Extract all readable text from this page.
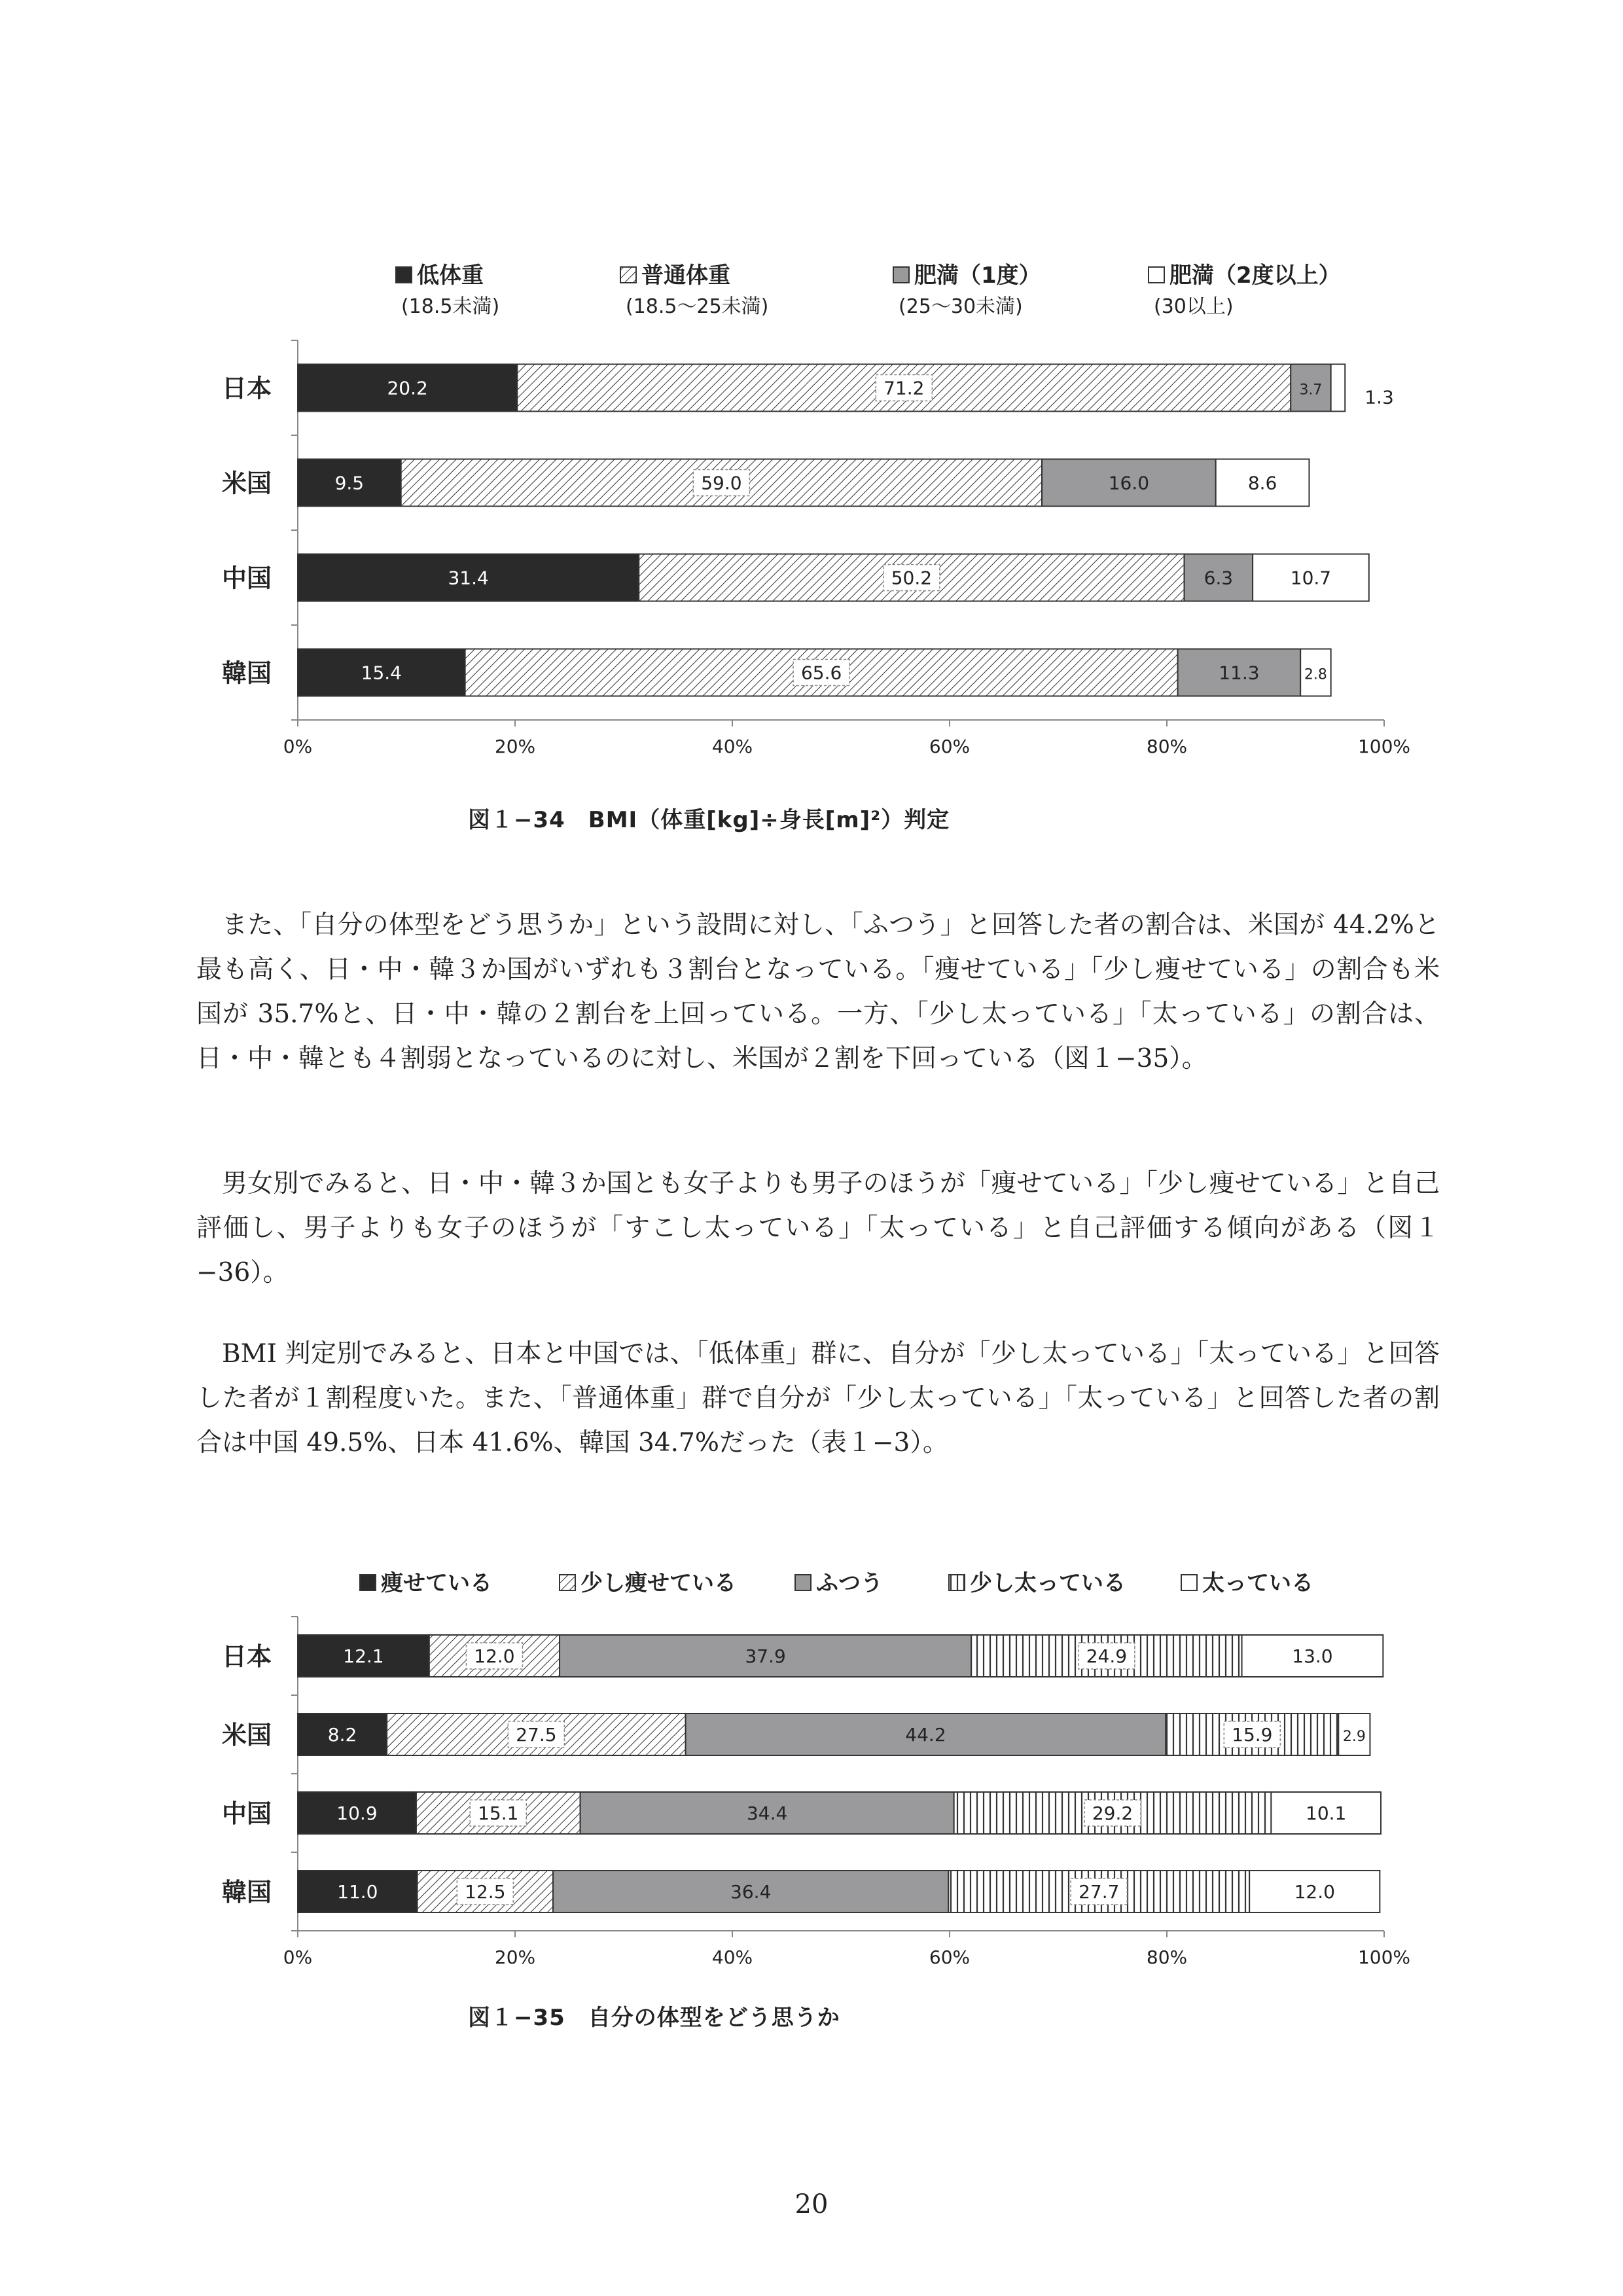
低体重
(18.5未満)
普通体重
(18.5〜25未満)
肥満（1度）
(25〜30未満)
肥満（2度以上）
(30以上)
0%	20%	40%	60%	80%	100%
日本	20.2	71.2	3.7 1.3
米国	9.5	59.0	16.0	8.6
中国	31.4	50.2	6.3	10.7
韓国	15.4	65.6	11.3	2.8
図１−34　BMI（体重[kg]÷身長[m]²）判定

また、「自分の体型をどう思うか」という設問に対し、「ふつう」と回答した者の割合は、米国が 44.2%と最も高く、日・中・韓３か国がいずれも３割台となっている。「痩せている」「少し痩せている」の割合も米国が 35.7%と、日・中・韓の２割台を上回っている。一方、「少し太っている」「太っている」の割合は、日・中・韓とも４割弱となっているのに対し、米国が２割を下回っている（図１−35）。

男女別でみると、日・中・韓３か国とも女子よりも男子のほうが「痩せている」「少し痩せている」と自己評価し、男子よりも女子のほうが「すこし太っている」「太っている」と自己評価する傾向がある（図１−36）。

BMI 判定別でみると、日本と中国では、「低体重」群に、自分が「少し太っている」「太っている」と回答した者が１割程度いた。また、「普通体重」群で自分が「少し太っている」「太っている」と回答した者の割合は中国 49.5%、日本 41.6%、韓国 34.7%だった（表１−3）。

痩せている	少し痩せている	ふつう	少し太っている	太っている
0%	20%	40%	60%	80%	100%
日本	12.1	12.0	37.9	24.9	13.0
米国	8.2	27.5	44.2	15.9	2.9
中国	10.9	15.1	34.4	29.2	10.1
韓国	11.0	12.5	36.4	27.7	12.0
図１−35　自分の体型をどう思うか
20
